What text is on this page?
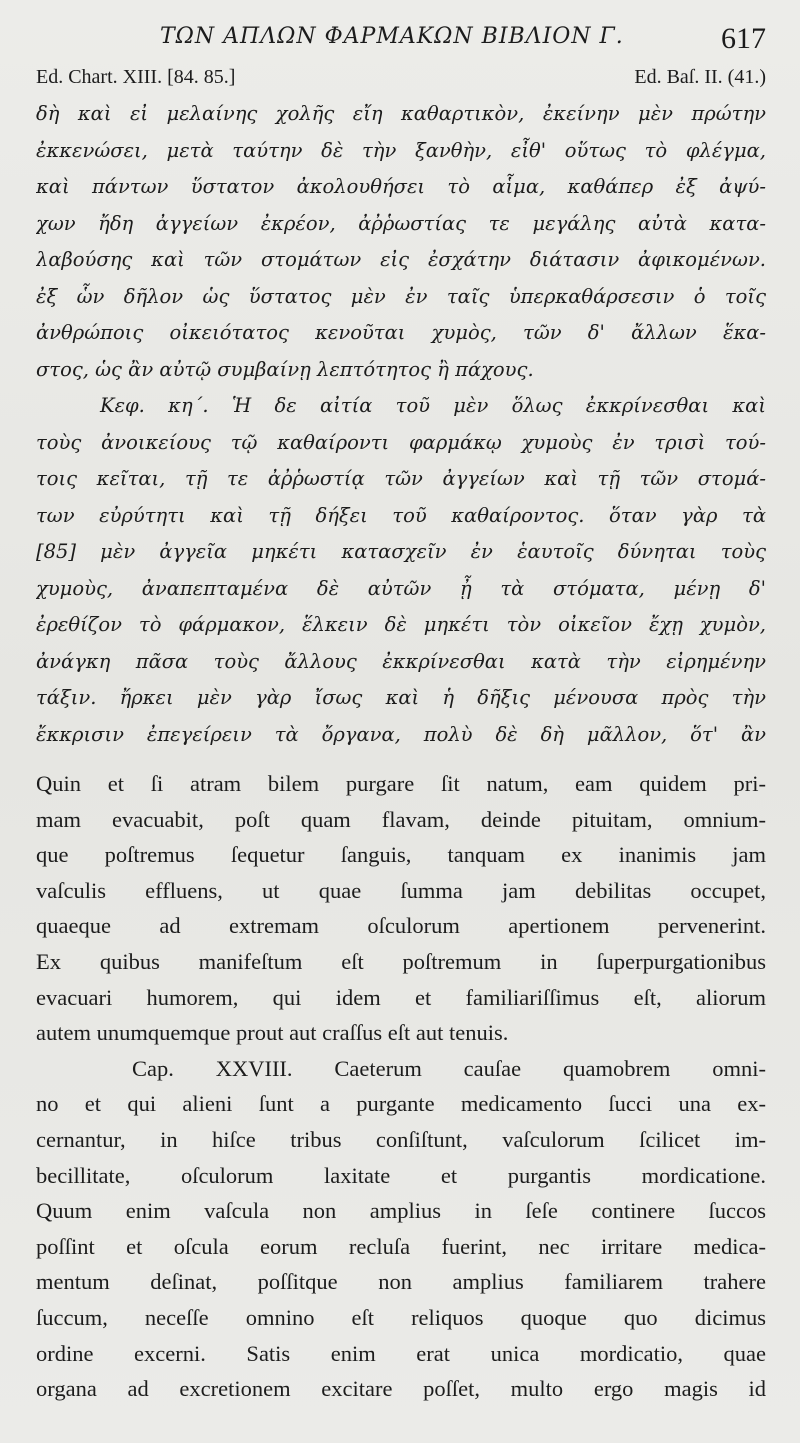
ΤΩΝ ΑΠΛΩΝ ΦΑΡΜΑΚΩΝ ΒΙΒΛΙΟΝ Γ.	617
Ed. Chart. XIII. [84. 85.]	Ed. Baſ. II. (41.)
δὴ καὶ εἰ μελαίνης χολῆς εἴη καθαρτικὸν, ἐκείνην μὲν πρώτην
ἐκκενώσει, μετὰ ταύτην δὲ τὴν ξανθὴν, εἶθ' οὕτως τὸ φλέγμα,
καὶ πάντων ὕστατον ἀκολουθήσει τὸ αἷμα, καθάπερ ἐξ ἀψύ-
χων ἤδη ἀγγείων ἐκρέον, ἀῤῥωστίας τε μεγάλης αὐτὰ κατα-
λαβούσης καὶ τῶν στομάτων εἰς ἐσχάτην διάτασιν ἀφικομένων.
ἐξ ὧν δῆλον ὡς ὕστατος μὲν ἐν ταῖς ὑπερκαθάρσεσιν ὁ τοῖς
ἀνθρώποις οἰκειότατος κενοῦται χυμὸς, τῶν δ' ἄλλων ἕκα-
στος, ὡς ἂν αὐτῷ συμβαίνῃ λεπτότητος ἢ πάχους.
Κεφ. κη΄. Ἡ δε αἰτία τοῦ μὲν ὅλως ἐκκρίνεσθαι καὶ
τοὺς ἀνοικείους τῷ καθαίροντι φαρμάκῳ χυμοὺς ἐν τρισὶ τού-
τοις κεῖται, τῇ τε ἀῤῥωστίᾳ τῶν ἀγγείων καὶ τῇ τῶν στομά-
των εὐρύτητι καὶ τῇ δήξει τοῦ καθαίροντος. ὅταν γὰρ τὰ
[85] μὲν ἀγγεῖα μηκέτι κατασχεῖν ἐν ἑαυτοῖς δύνηται τοὺς
χυμοὺς, ἀναπεπταμένα δὲ αὐτῶν ᾖ τὰ στόματα, μένῃ δ'
ἐρεθίζον τὸ φάρμακον, ἕλκειν δὲ μηκέτι τὸν οἰκεῖον ἔχῃ χυμὸν,
ἀνάγκη πᾶσα τοὺς ἄλλους ἐκκρίνεσθαι κατὰ τὴν εἰρημένην
τάξιν. ἤρκει μὲν γὰρ ἴσως καὶ ἡ δῆξις μένουσα πρὸς τὴν
ἔκκρισιν ἐπεγείρειν τὰ ὄργανα, πολὺ δὲ δὴ μᾶλλον, ὅτ' ἂν
Quin et ſi atram bilem purgare ſit natum, eam quidem pri-
mam evacuabit, poſt quam flavam, deinde pituitam, omnium-
que poſtremus ſequetur ſanguis, tanquam ex inanimis jam
vaſculis effluens, ut quae ſumma jam debilitas occupet,
quaeque ad extremam oſculorum apertionem pervenerint.
Ex quibus manifeſtum eſt poſtremum in ſuperpurgationibus
evacuari humorem, qui idem et familiariſſimus eſt, aliorum
autem unumquemque prout aut craſſus eſt aut tenuis.
Cap. XXVIII. Caeterum cauſae quamobrem omni-
no et qui alieni ſunt a purgante medicamento ſucci una ex-
cernantur, in hiſce tribus conſiſtunt, vaſculorum ſcilicet im-
becillitate, oſculorum laxitate et purgantis mordicatione.
Quum enim vaſcula non amplius in ſeſe continere ſuccos
poſſint et oſcula eorum recluſa fuerint, nec irritare medica-
mentum deſinat, poſſitque non amplius familiarem trahere
ſuccum, neceſſe omnino eſt reliquos quoque quo dicimus
ordine excerni. Satis enim erat unica mordicatio, quae
organa ad excretionem excitare poſſet, multo ergo magis id
